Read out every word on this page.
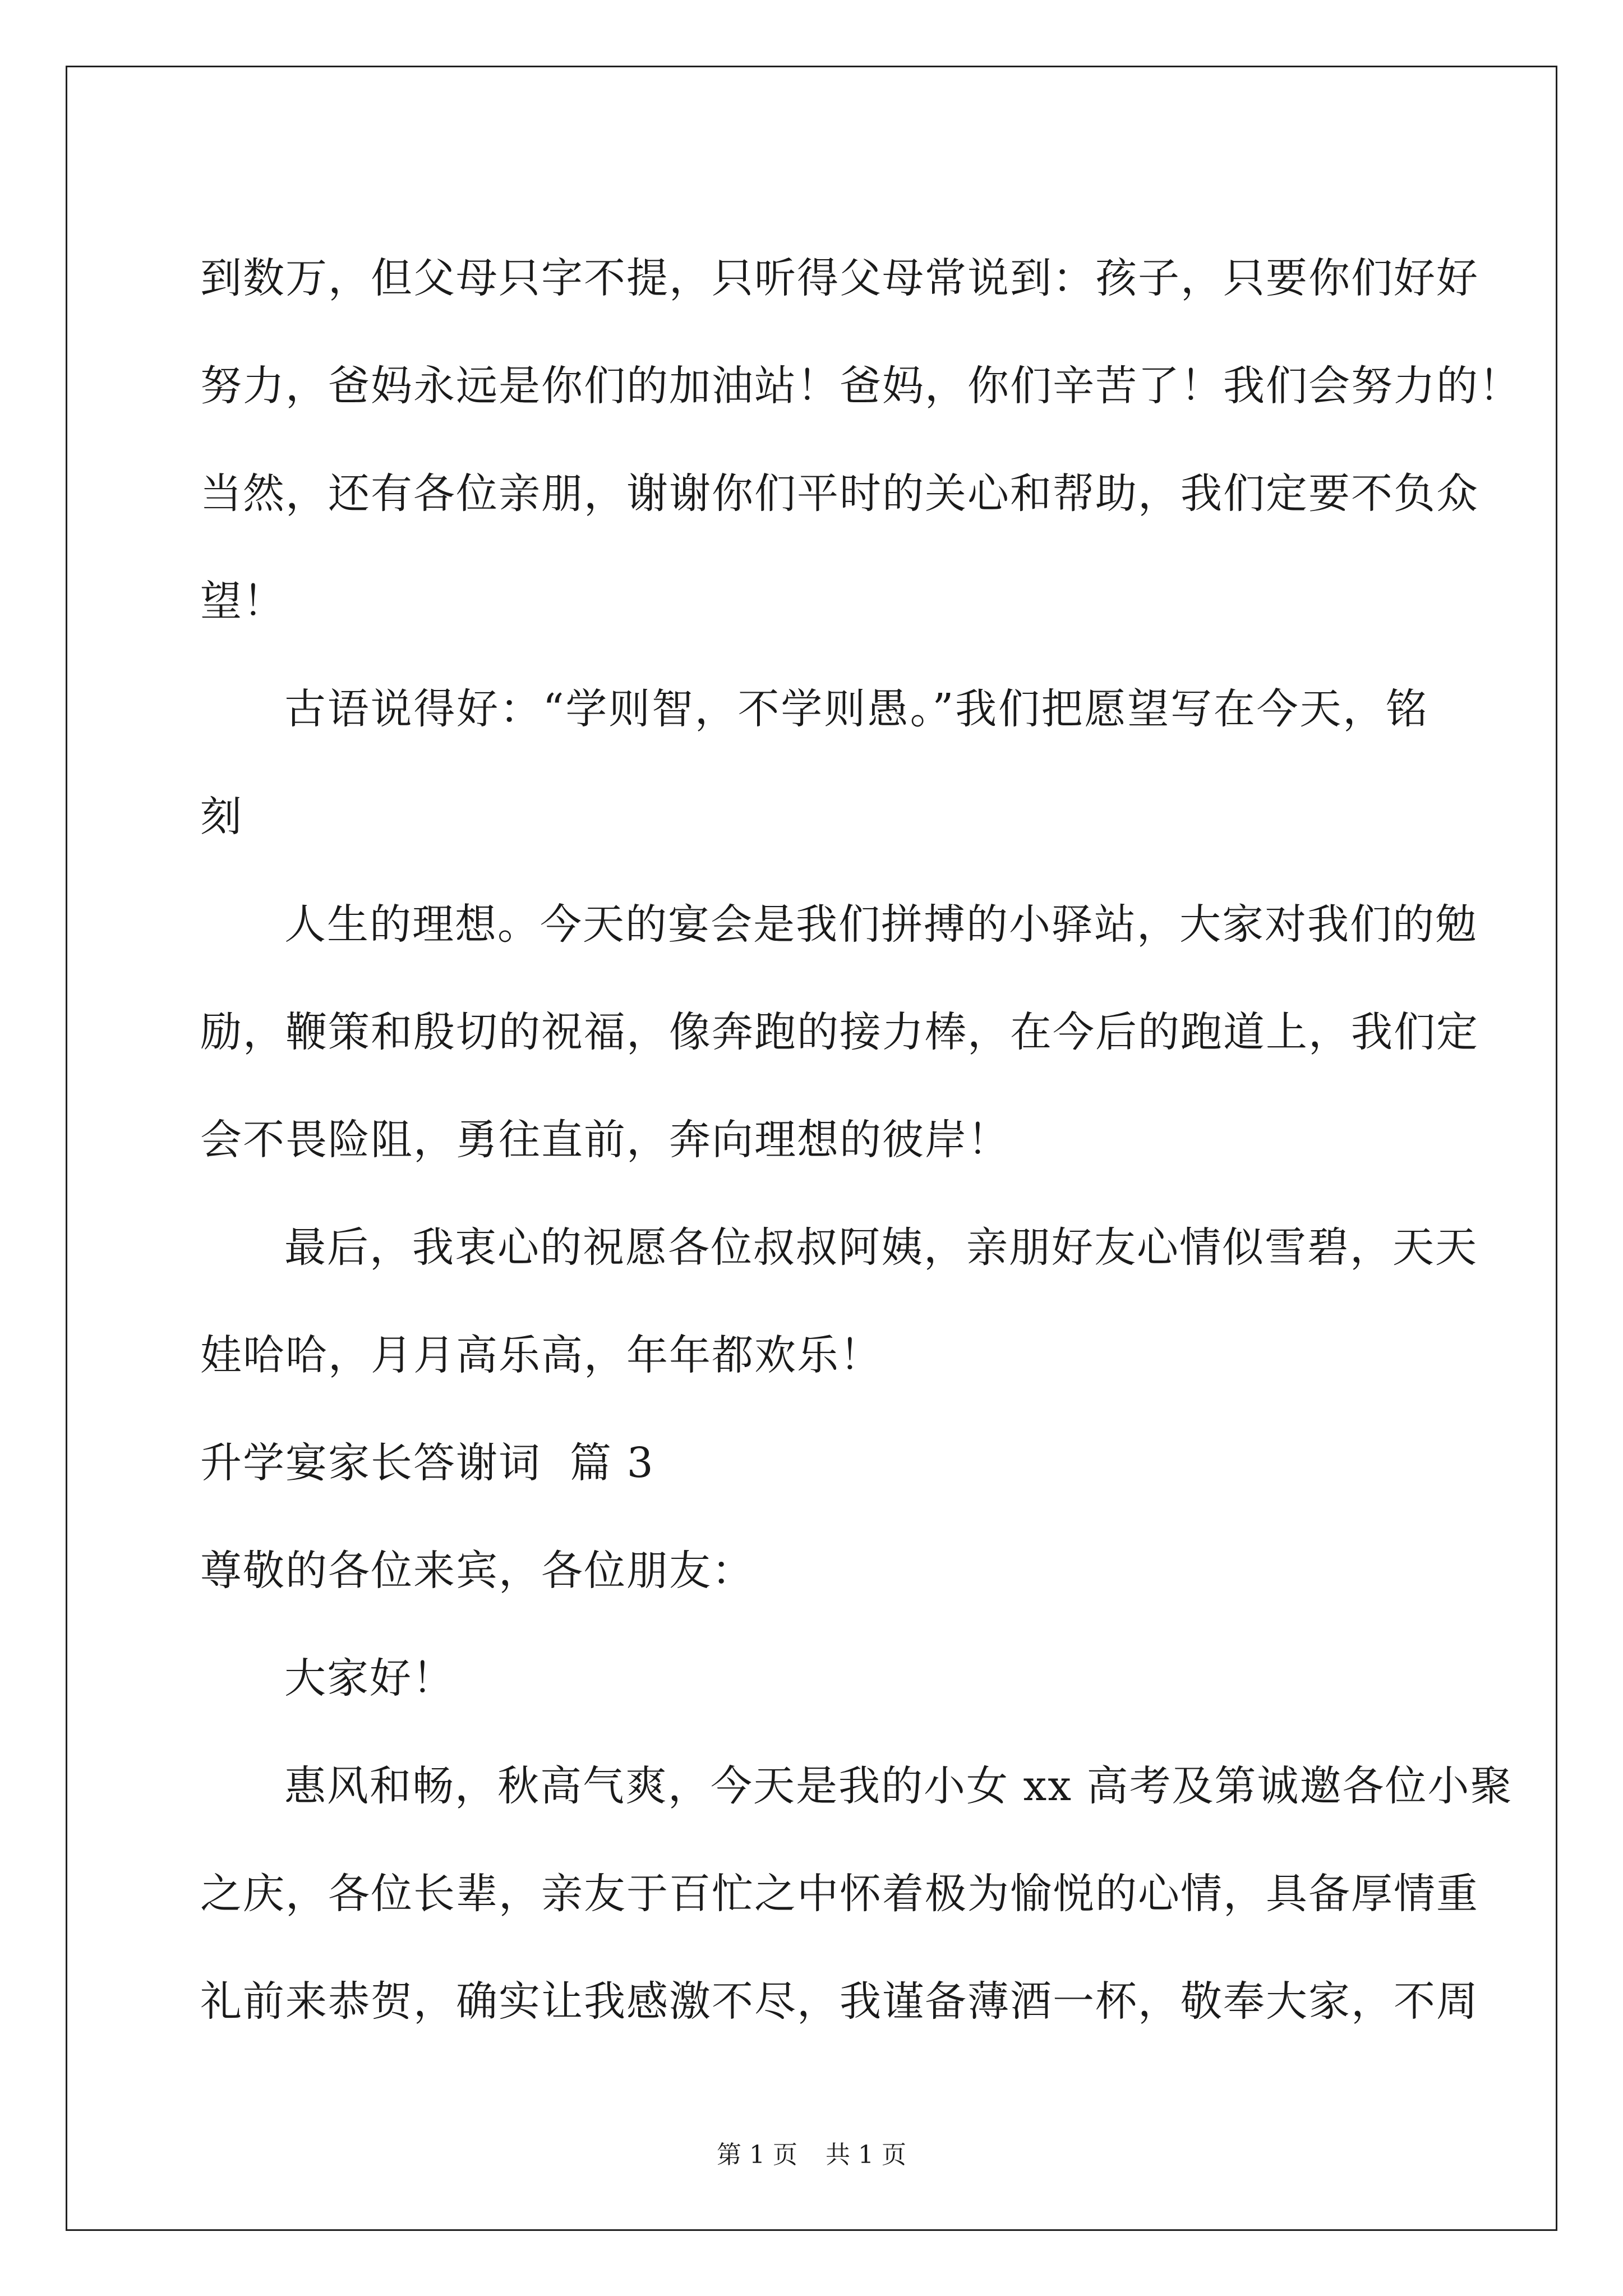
到数万，但父母只字不提，只听得父母常说到：孩子，只要你们好好
努力，爸妈永远是你们的加油站！爸妈，你们辛苦了！我们会努力的！
当然，还有各位亲朋，谢谢你们平时的关心和帮助，我们定要不负众
望！
古语说得好：“学则智，不学则愚。”我们把愿望写在今天，铭
刻
人生的理想。今天的宴会是我们拼搏的小驿站，大家对我们的勉
励，鞭策和殷切的祝福，像奔跑的接力棒，在今后的跑道上，我们定
会不畏险阻，勇往直前，奔向理想的彼岸！
最后，我衷心的祝愿各位叔叔阿姨，亲朋好友心情似雪碧，天天
娃哈哈，月月高乐高，年年都欢乐！
升学宴家长答谢词  篇 3
尊敬的各位来宾，各位朋友：
大家好！
惠风和畅，秋高气爽，今天是我的小女 xx 高考及第诚邀各位小聚
之庆，各位长辈，亲友于百忙之中怀着极为愉悦的心情，具备厚情重
礼前来恭贺，确实让我感激不尽，我谨备薄酒一杯，敬奉大家，不周
第 1 页 共 1 页
